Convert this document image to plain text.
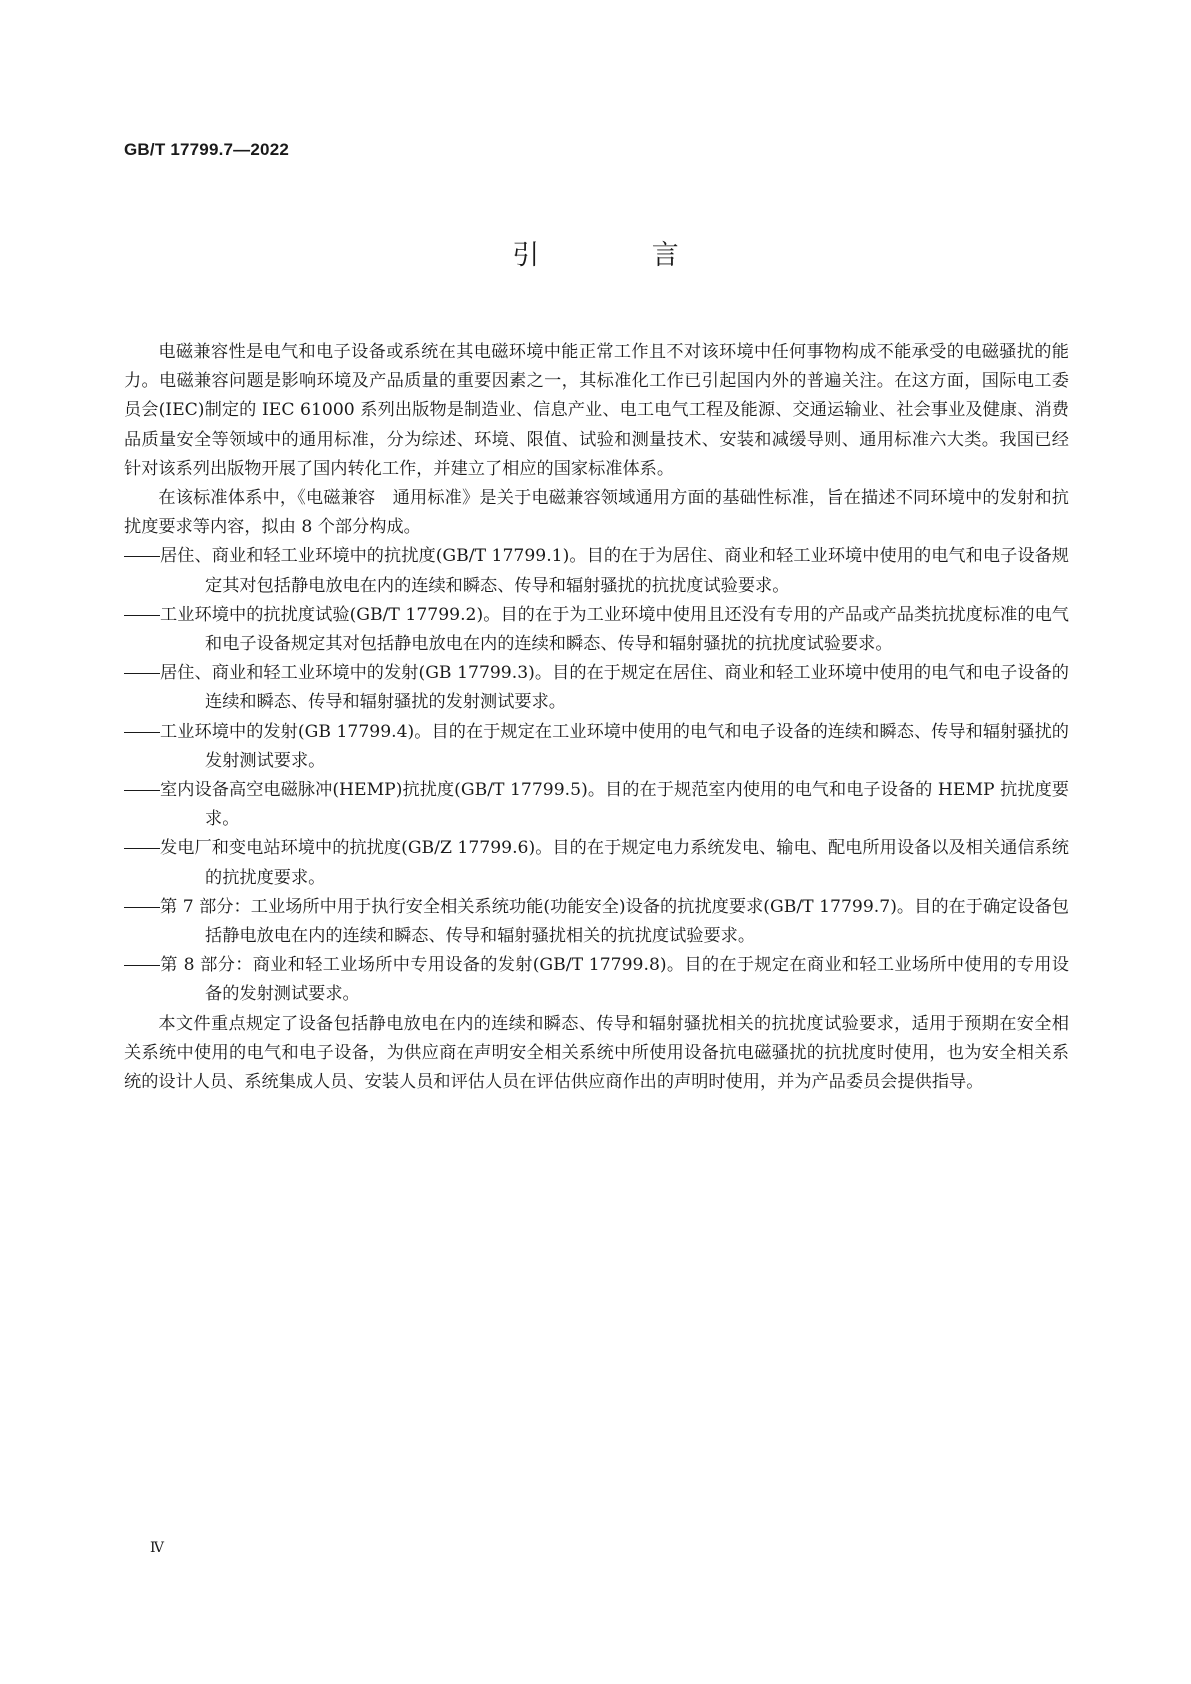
GB/T 17799.7—2022
引 言

电磁兼容性是电气和电子设备或系统在其电磁环境中能正常工作且不对该环境中任何事物构成不能承受的电磁骚扰的能力。电磁兼容问题是影响环境及产品质量的重要因素之一，其标准化工作已引起国内外的普遍关注。在这方面，国际电工委员会(IEC)制定的 IEC 61000 系列出版物是制造业、信息产业、电工电气工程及能源、交通运输业、社会事业及健康、消费品质量安全等领域中的通用标准，分为综述、环境、限值、试验和测量技术、安装和减缓导则、通用标准六大类。我国已经针对该系列出版物开展了国内转化工作，并建立了相应的国家标准体系。

在该标准体系中，《电磁兼容　通用标准》是关于电磁兼容领域通用方面的基础性标准，旨在描述不同环境中的发射和抗扰度要求等内容，拟由 8 个部分构成。

居住、商业和轻工业环境中的抗扰度(GB/T 17799.1)。目的在于为居住、商业和轻工业环境中使用的电气和电子设备规定其对包括静电放电在内的连续和瞬态、传导和辐射骚扰的抗扰度试验要求。
工业环境中的抗扰度试验(GB/T 17799.2)。目的在于为工业环境中使用且还没有专用的产品或产品类抗扰度标准的电气和电子设备规定其对包括静电放电在内的连续和瞬态、传导和辐射骚扰的抗扰度试验要求。
居住、商业和轻工业环境中的发射(GB 17799.3)。目的在于规定在居住、商业和轻工业环境中使用的电气和电子设备的连续和瞬态、传导和辐射骚扰的发射测试要求。
工业环境中的发射(GB 17799.4)。目的在于规定在工业环境中使用的电气和电子设备的连续和瞬态、传导和辐射骚扰的发射测试要求。
室内设备高空电磁脉冲(HEMP)抗扰度(GB/T 17799.5)。目的在于规范室内使用的电气和电子设备的 HEMP 抗扰度要求。
发电厂和变电站环境中的抗扰度(GB/Z 17799.6)。目的在于规定电力系统发电、输电、配电所用设备以及相关通信系统的抗扰度要求。
第 7 部分：工业场所中用于执行安全相关系统功能(功能安全)设备的抗扰度要求(GB/T 17799.7)。目的在于确定设备包括静电放电在内的连续和瞬态、传导和辐射骚扰相关的抗扰度试验要求。
第 8 部分：商业和轻工业场所中专用设备的发射(GB/T 17799.8)。目的在于规定在商业和轻工业场所中使用的专用设备的发射测试要求。

本文件重点规定了设备包括静电放电在内的连续和瞬态、传导和辐射骚扰相关的抗扰度试验要求，适用于预期在安全相关系统中使用的电气和电子设备，为供应商在声明安全相关系统中所使用设备抗电磁骚扰的抗扰度时使用，也为安全相关系统的设计人员、系统集成人员、安装人员和评估人员在评估供应商作出的声明时使用，并为产品委员会提供指导。

Ⅳ
